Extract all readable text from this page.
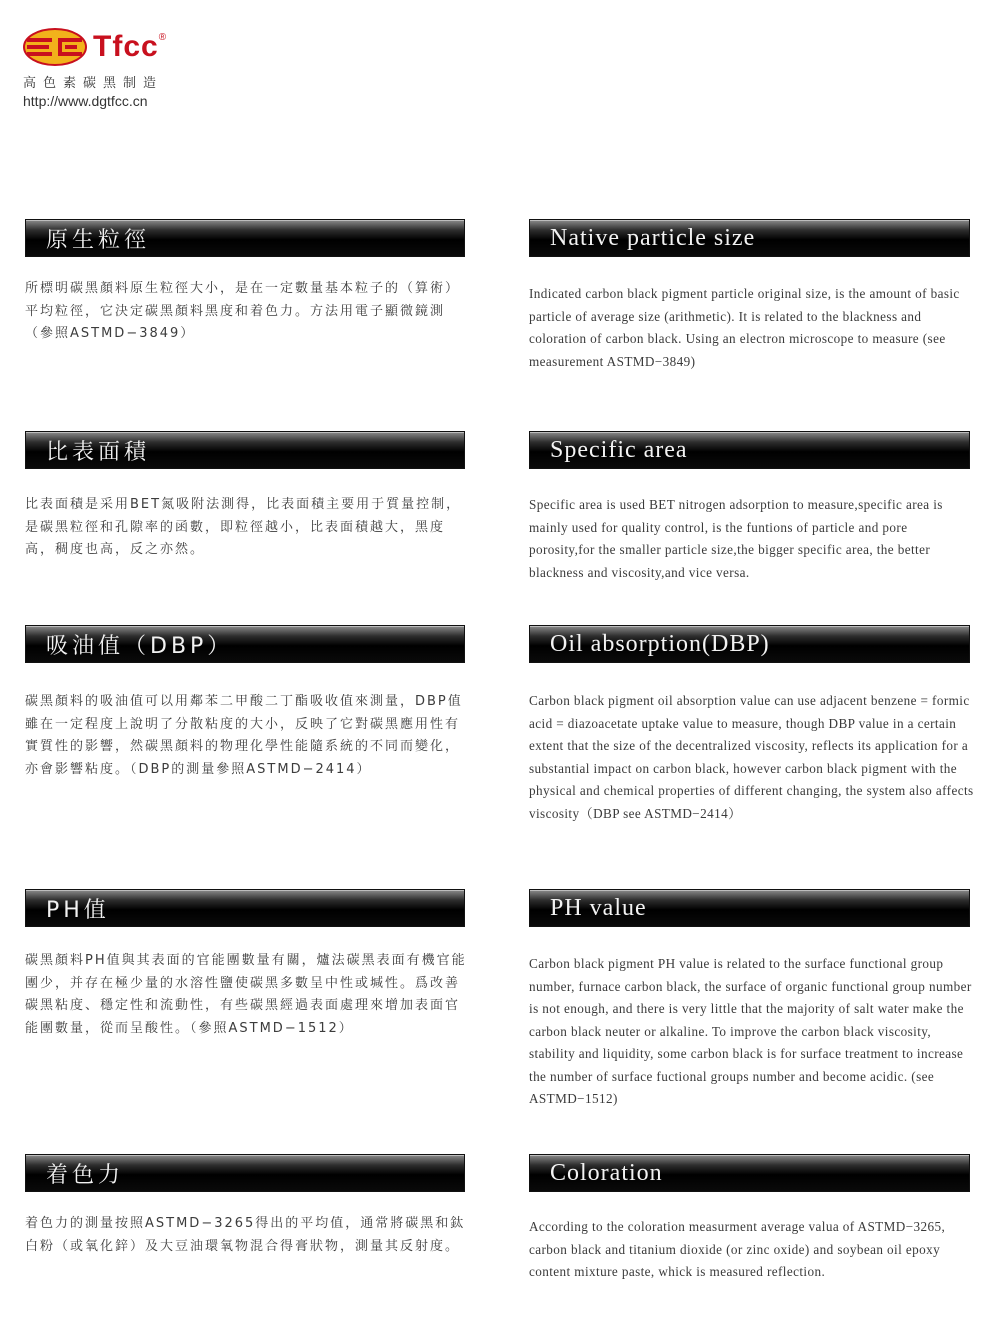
Tfcc®
高色素碳黑制造
http://www.dgtfcc.cn
原生粒徑	Native particle size

所標明碳黑顏料原生粒徑大小，是在一定數量基本粒子的（算術）平均粒徑，它決定碳黑顏料黑度和着色力。方法用電子顯微鏡測（參照ASTMD−3849）

Indicated carbon black pigment particle original size, is the amount of basic particle of average size (arithmetic). It is related to the blackness and coloration of carbon black. Using an electron microscope to measure (see measurement ASTMD−3849)

比表面積	Specific area

比表面積是采用BET氮吸附法測得，比表面積主要用于質量控制，是碳黑粒徑和孔隙率的函數，即粒徑越小，比表面積越大，黑度高，稠度也高，反之亦然。

Specific area is used BET nitrogen adsorption to measure,specific area is mainly used for quality control, is the funtions of particle and pore porosity,for the smaller particle size,the bigger specific area, the better blackness and viscosity,and vice versa.

吸油值（DBP）	Oil absorption(DBP)

碳黑顏料的吸油值可以用鄰苯二甲酸二丁酯吸收值來測量，DBP值雖在一定程度上說明了分散粘度的大小，反映了它對碳黑應用性有實質性的影響，然碳黑顏料的物理化學性能隨系統的不同而變化，亦會影響粘度。（DBP的測量參照ASTMD−2414）

Carbon black pigment oil absorption value can use adjacent benzene = formic acid = diazoacetate uptake value to measure, though DBP value in a certain extent that the size of the decentralized viscosity, reflects its application for a substantial impact on carbon black, however carbon black pigment with the physical and chemical properties of different changing, the system also affects viscosity（DBP see ASTMD−2414）

PH值	PH value

碳黑顏料PH值與其表面的官能團數量有關，爐法碳黑表面有機官能團少，并存在極少量的水溶性鹽使碳黑多數呈中性或堿性。爲改善碳黑粘度、穩定性和流動性，有些碳黑經過表面處理來增加表面官能團數量，從而呈酸性。（參照ASTMD−1512）

Carbon black pigment PH value is related to the surface functional group number, furnace carbon black, the surface of organic functional group number is not enough, and there is very little that the majority of salt water make the carbon black neuter or alkaline. To improve the carbon black viscosity, stability and liquidity, some carbon black is for surface treatment to increase the number of surface fuctional groups number and become acidic. (see ASTMD−1512)

着色力	Coloration

着色力的測量按照ASTMD−3265得出的平均值，通常將碳黑和鈦白粉（或氧化鋅）及大豆油環氧物混合得膏狀物，測量其反射度。

According to the coloration measurment average valua of ASTMD−3265, carbon black and titanium dioxide (or zinc oxide) and soybean oil epoxy content mixture paste, whick is measured reflection.
